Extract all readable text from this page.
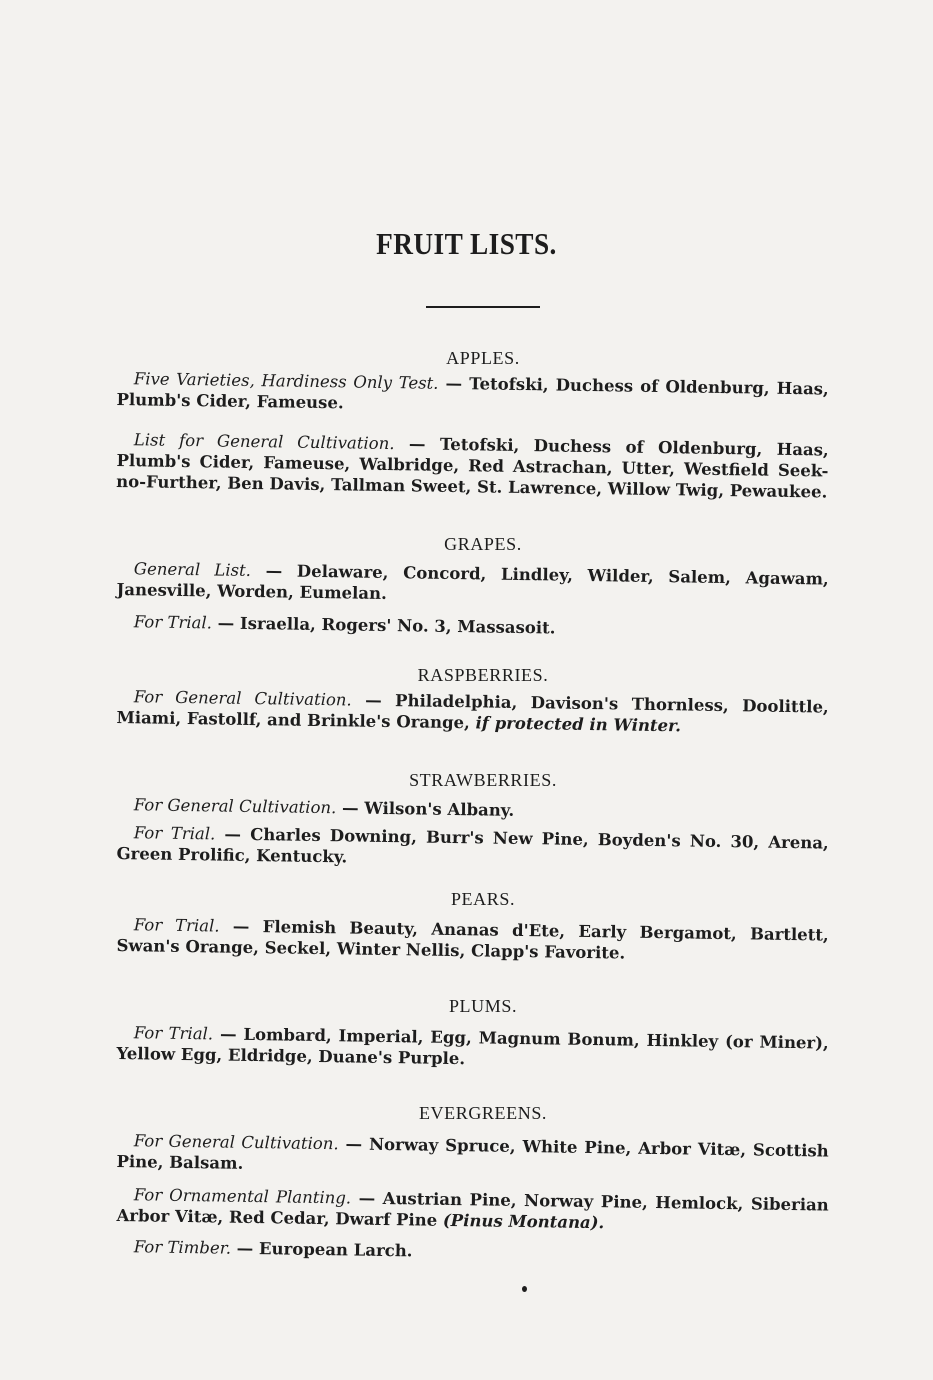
FRUIT LISTS.
APPLES.

Five Varieties, Hardiness Only Test. — Tetofski, Duchess of Oldenburg, Haas, Plumb's Cider, Fameuse.

List for General Cultivation. — Tetofski, Duchess of Oldenburg, Haas, Plumb's Cider, Fameuse, Walbridge, Red Astrachan, Utter, Westfield Seek-no-Further, Ben Davis, Tallman Sweet, St. Lawrence, Willow Twig, Pewaukee.

GRAPES.

General List. — Delaware, Concord, Lindley, Wilder, Salem, Agawam, Janesville, Worden, Eumelan.

For Trial. — Israella, Rogers' No. 3, Massasoit.

RASPBERRIES.

For General Cultivation. — Philadelphia, Davison's Thornless, Doolittle, Miami, Fastollf, and Brinkle's Orange, if protected in Winter.

STRAWBERRIES.

For General Cultivation. — Wilson's Albany.

For Trial. — Charles Downing, Burr's New Pine, Boyden's No. 30, Arena, Green Prolific, Kentucky.

PEARS.

For Trial. — Flemish Beauty, Ananas d'Ete, Early Bergamot, Bartlett, Swan's Orange, Seckel, Winter Nellis, Clapp's Favorite.

PLUMS.

For Trial. — Lombard, Imperial, Egg, Magnum Bonum, Hinkley (or Miner), Yellow Egg, Eldridge, Duane's Purple.

EVERGREENS.

For General Cultivation. — Norway Spruce, White Pine, Arbor Vitæ, Scottish Pine, Balsam.

For Ornamental Planting. — Austrian Pine, Norway Pine, Hemlock, Siberian Arbor Vitæ, Red Cedar, Dwarf Pine (Pinus Montana).

For Timber. — European Larch.
